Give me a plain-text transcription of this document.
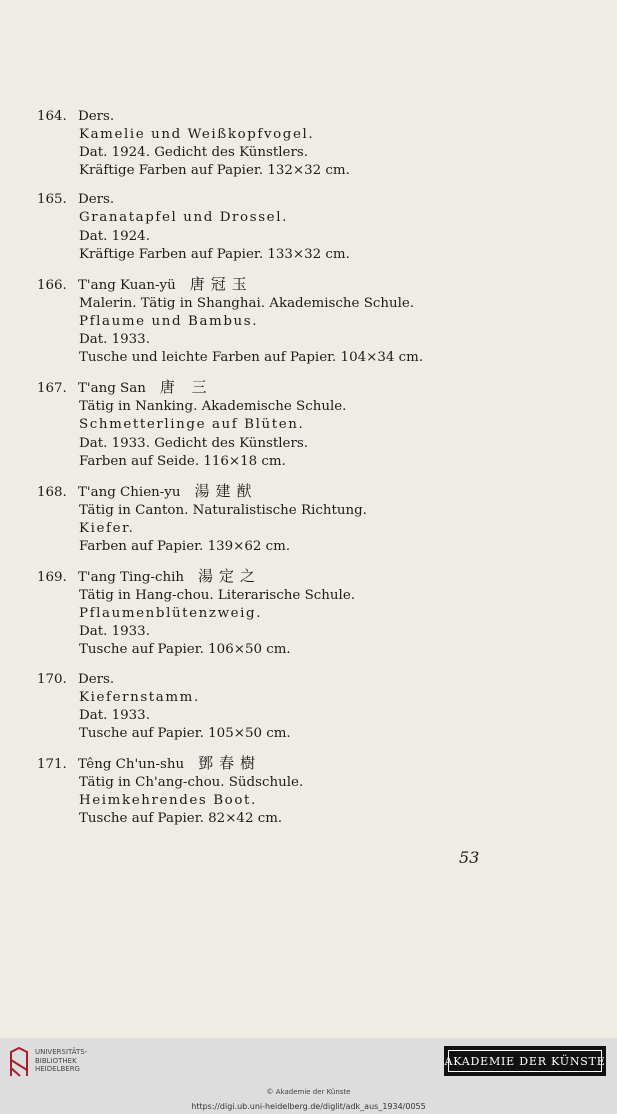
164. Ders.
Kamelie und Weißkopfvogel.
Dat. 1924. Gedicht des Künstlers.
Kräftige Farben auf Papier. 132×32 cm.
165. Ders.
Granatapfel und Drossel.
Dat. 1924.
Kräftige Farben auf Papier. 133×32 cm.
166. T'ang Kuan-yü 唐冠玉
Malerin. Tätig in Shanghai. Akademische Schule.
Pflaume und Bambus.
Dat. 1933.
Tusche und leichte Farben auf Papier. 104×34 cm.
167. T'ang San 唐 三
Tätig in Nanking. Akademische Schule.
Schmetterlinge auf Blüten.
Dat. 1933. Gedicht des Künstlers.
Farben auf Seide. 116×18 cm.
168. T'ang Chien-yu 湯建猷
Tätig in Canton. Naturalistische Richtung.
Kiefer.
Farben auf Papier. 139×62 cm.
169. T'ang Ting-chih 湯定之
Tätig in Hang-chou. Literarische Schule.
Pflaumenblütenzweig.
Dat. 1933.
Tusche auf Papier. 106×50 cm.
170. Ders.
Kiefernstamm.
Dat. 1933.
Tusche auf Papier. 105×50 cm.
171. Têng Ch'un-shu 鄧春樹
Tätig in Ch'ang-chou. Südschule.
Heimkehrendes Boot.
Tusche auf Papier. 82×42 cm.
53
UNIVERSITÄTS-
BIBLIOTHEK
HEIDELBERG
AKADEMIE DER KÜNSTE
© Akademie der Künste
https://digi.ub.uni-heidelberg.de/diglit/adk_aus_1934/0055
